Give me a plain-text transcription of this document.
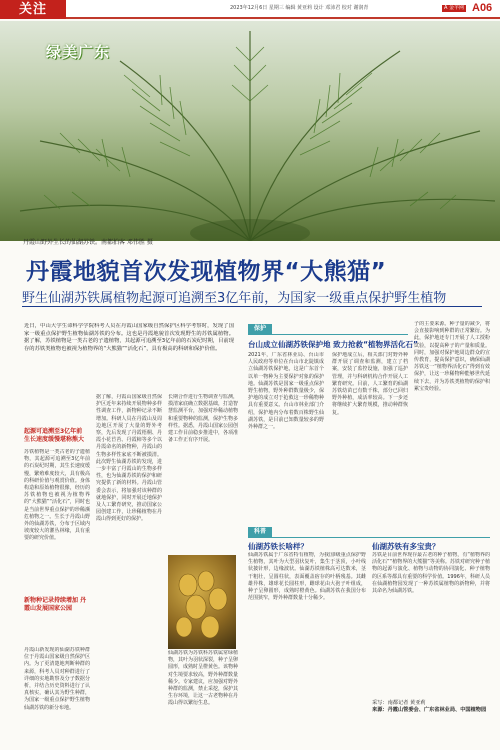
关注	2023年12月6日 星期三 编辑 黄亚莉 设计 邓沛君 校对 谢润青	A 金羊网 A06
绿美广东
丹霞山野外生长的仙湖苏铁。南都拍客 邓伟胜 摄
丹霞地貌首次发现植物界“大熊猫”
野生仙湖苏铁属植物起源可追溯至3亿年前，为国家一级重点保护野生植物
近日，中山大学生命科学学院科考人员在丹霞山国家级自然保护区科学考察时，发现了国家一级重点保护野生植物仙湖苏铁的分布。这也是丹霞地貌首次发现野生的苏铁属植物。据了解，苏铁植物是一类古老的子遗植物，其起源可追溯至3亿年前的石炭纪时期，目前现存的苏铁类植物也被视为植物界的“大熊猫”“活化石”，具有极高的科研和保护价值。
起源可追溯至3亿年前 生长速度缓慢堪称熊大
苏铁植物是一类古老的子遗植物，其起源可追溯至3亿年前的石炭纪时期，其生长速度缓慢，繁殖难度较大，具有极高的科研价值与观赏价值。身体构造和原始植物很像，经历的苏铁植物也被视为植物界的“大熊猫”“活化石”，同时也是当前世界重点保护的珍稀濒危植物之一。生长于丹霞山野外的仙湖苏铁，分布于区域内坡度较大的灌丛林缘，具有重要的研究价值。
新物种记录持续增加 丹霞山发展国家公园
丹霞山新发现的仙湖苏铁种群位于丹霞山国家级自然保护区内。为了更清楚地判断种群的来源，科考人员对种群进行了详细的实地勘察及分子数据分析，并结合历史资料进行了认真核实，确认其为野生种群，为国家一级重点保护野生植物仙湖苏铁的新分布地。
据了解，丹霞山国家级自然保护区近年来持续开展物种多样性调查工作，新物种记录不断增加。科研人员在丹霞山及周边地区开展了大量的野外考察，先后发现了丹霞梧桐、丹霞小花苣苔、丹霞柿等多个以丹霞命名的新物种，丹霞山的生物多样性家底不断被摸清。此次野生仙湖苏铁的发现，进一步丰富了丹霞山的生物多样性，也为仙湖苏铁的保护和研究提供了新的材料。丹霞山管委会表示，将加强对该种群的就地保护，同时开展迁地保护及人工繁育研究，推动国家公园创建工作，让珍稀植物在丹霞山得到更好的保护。
长期合作进行生物调查与监测，摸清家底确立数据基础，打造智慧监测平台，加强对珍稀动植物和重要物种的监测，保护生物多样性。据悉，丹霞山国家公园创建工作目前稳步推进中，各项准备工作正有序开展。
仙湖苏铁为苏铁科苏铁属常绿植物，其叶为羽状深裂，种子呈卵圆形，成熟时呈橙黄色。该物种对生境要求较高，野外种群数量稀少。专家建议，应加强对野外种群的监测，禁止采挖，保护其生存环境，让这一古老物种在丹霞山得以繁衍生息。
保护
台山成立仙湖苏铁保护地 致力抢救“植物界活化石”
2021年，广东省林业局、台山市人民政府等单位在台山市北陡镇成立仙湖苏铁保护地，这是广东首个以单一物种为主要保护对象的保护地。仙湖苏铁是国家一级重点保护野生植物，野外种群数量极少，保护地的成立对于抢救这一珍稀物种具有重要意义。台山市林业部门介绍，保护地内分布着数百株野生仙湖苏铁，是目前已知数量较多的野外种群之一。
保护地成立后，相关部门对野外种群开展了调查和监测，建立了档案，安装了监控设施，加强了巡护管理，并与科研机构合作开展人工繁育研究。目前，人工繁育的仙湖苏铁幼苗已有数千株，部分已回归野外种植，成活率较高。下一步还将继续扩大繁育规模，推动种群恢复。
子的主要来源。种子量的减少，将会直接影响到种群的正常繁衍。为此，保护地还专门开展了人工授粉试验，以提高种子的产量和质量。同时，加强对保护地周边群众的宣传教育，提高保护意识，确保仙湖苏铁这一“植物界活化石”得到有效保护，让这一珍稀物种能够世代延续下去，并为苏铁类植物的保护积累宝贵经验。
科普
仙湖苏铁长啥样？
仙湖苏铁属于广东省特有植物，为我国Ⅰ级重点保护野生植物，其叶为大型羽状复叶，集生于茎顶，小叶线状披针形，边缘波状。仙湖苏铁植株高可达数米，茎干粗壮，呈圆柱状，表面覆盖宿存的叶柄残基。其雌雄异株，雄球花长圆柱形，雌球花由大孢子叶组成，种子呈卵圆形，成熟时橙黄色。仙湖苏铁在我国分布范围狭窄，野外种群数量十分稀少。
仙湖苏铁有多宝贵？
苏铁是目前世界现存最古老的种子植物，有“植物界的活化石”“植物界的大熊猫”等美称。苏铁对研究种子植物的起源与演化、植物与动物的协同演化、种子植物的区系等都具有重要的科学价值。1996年，科研人员在仙湖植物园发现了一种苏铁属植物的新物种，并将其命名为仙湖苏铁。
采写：南都记者 黄亚莉
来源：丹霞山管委会、广东省林业局、中国植物园
